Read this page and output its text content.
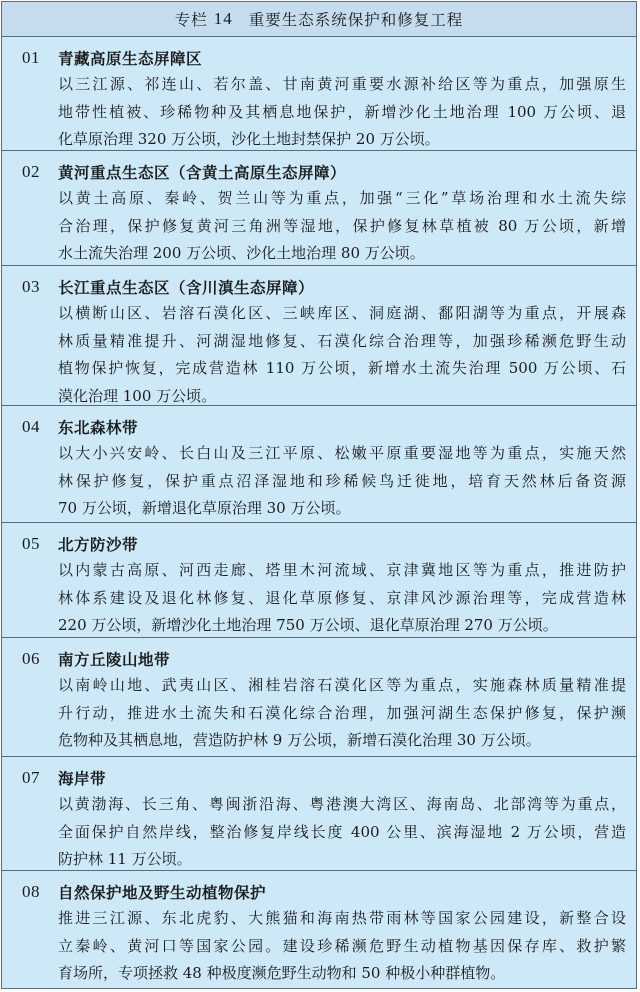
专栏 14 重要生态系统保护和修复工程
01	青藏高原生态屏障区
以三江源、祁连山、若尔盖、甘南黄河重要水源补给区等为重点，加强原生
地带性植被、珍稀物种及其栖息地保护，新增沙化土地治理 100 万公顷、退
化草原治理 320 万公顷，沙化土地封禁保护 20 万公顷。
02	黄河重点生态区（含黄土高原生态屏障）
以黄土高原、秦岭、贺兰山等为重点，加强“三化”草场治理和水土流失综
合治理，保护修复黄河三角洲等湿地，保护修复林草植被 80 万公顷，新增
水土流失治理 200 万公顷、沙化土地治理 80 万公顷。
03	长江重点生态区（含川滇生态屏障）
以横断山区、岩溶石漠化区、三峡库区、洞庭湖、鄱阳湖等为重点，开展森
林质量精准提升、河湖湿地修复、石漠化综合治理等，加强珍稀濒危野生动
植物保护恢复，完成营造林 110 万公顷，新增水土流失治理 500 万公顷、石
漠化治理 100 万公顷。
04	东北森林带
以大小兴安岭、长白山及三江平原、松嫩平原重要湿地等为重点，实施天然
林保护修复，保护重点沼泽湿地和珍稀候鸟迁徙地，培育天然林后备资源
70 万公顷，新增退化草原治理 30 万公顷。
05	北方防沙带
以内蒙古高原、河西走廊、塔里木河流域、京津冀地区等为重点，推进防护
林体系建设及退化林修复、退化草原修复、京津风沙源治理等，完成营造林
220 万公顷，新增沙化土地治理 750 万公顷、退化草原治理 270 万公顷。
06	南方丘陵山地带
以南岭山地、武夷山区、湘桂岩溶石漠化区等为重点，实施森林质量精准提
升行动，推进水土流失和石漠化综合治理，加强河湖生态保护修复，保护濒
危物种及其栖息地，营造防护林 9 万公顷，新增石漠化治理 30 万公顷。
07	海岸带
以黄渤海、长三角、粤闽浙沿海、粤港澳大湾区、海南岛、北部湾等为重点，
全面保护自然岸线，整治修复岸线长度 400 公里、滨海湿地 2 万公顷，营造
防护林 11 万公顷。
08	自然保护地及野生动植物保护
推进三江源、东北虎豹、大熊猫和海南热带雨林等国家公园建设，新整合设
立秦岭、黄河口等国家公园。建设珍稀濒危野生动植物基因保存库、救护繁
育场所，专项拯救 48 种极度濒危野生动物和 50 种极小种群植物。
